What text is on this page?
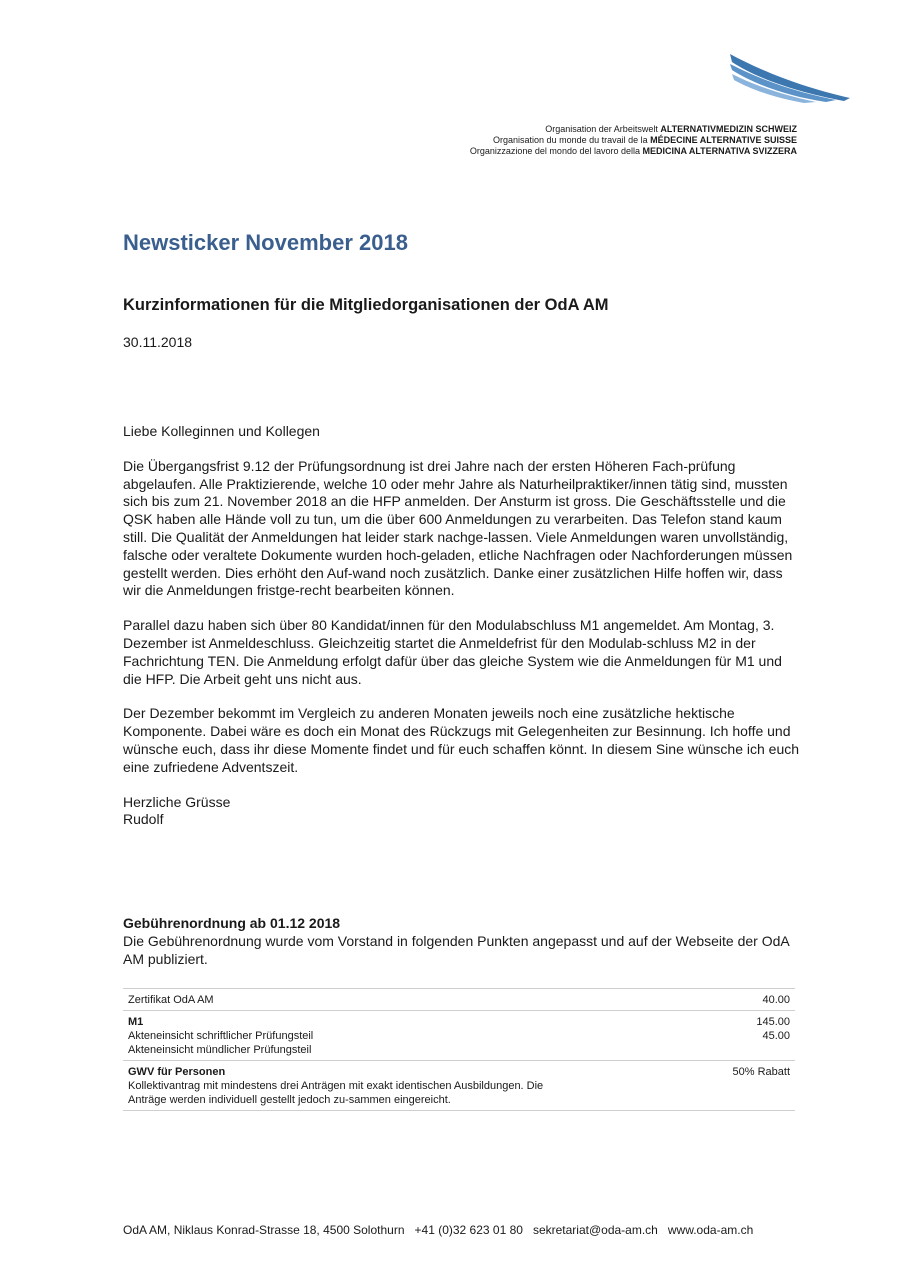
Organisation der Arbeitswelt ALTERNATIVMEDIZIN SCHWEIZ
Organisation du monde du travail de la MÉDECINE ALTERNATIVE SUISSE
Organizzazione del mondo del lavoro della MEDICINA ALTERNATIVA SVIZZERA
Newsticker November 2018
Kurzinformationen für die Mitgliedorganisationen der OdA AM
30.11.2018

Liebe Kolleginnen und Kollegen

Die Übergangsfrist 9.12 der Prüfungsordnung ist drei Jahre nach der ersten Höheren Fach-prüfung abgelaufen. Alle Praktizierende, welche 10 oder mehr Jahre als Naturheilpraktiker/innen tätig sind, mussten sich bis zum 21. November 2018 an die HFP anmelden. Der Ansturm ist gross. Die Geschäftsstelle und die QSK haben alle Hände voll zu tun, um die über 600 Anmeldungen zu verarbeiten. Das Telefon stand kaum still. Die Qualität der Anmeldungen hat leider stark nachge-lassen. Viele Anmeldungen waren unvollständig, falsche oder veraltete Dokumente wurden hoch-geladen, etliche Nachfragen oder Nachforderungen müssen gestellt werden. Dies erhöht den Auf-wand noch zusätzlich. Danke einer zusätzlichen Hilfe hoffen wir, dass wir die Anmeldungen fristge-recht bearbeiten können.

Parallel dazu haben sich über 80 Kandidat/innen für den Modulabschluss M1 angemeldet. Am Montag, 3. Dezember ist Anmeldeschluss. Gleichzeitig startet die Anmeldefrist für den Modulab-schluss M2 in der Fachrichtung TEN. Die Anmeldung erfolgt dafür über das gleiche System wie die Anmeldungen für M1 und die HFP. Die Arbeit geht uns nicht aus.

Der Dezember bekommt im Vergleich zu anderen Monaten jeweils noch eine zusätzliche hektische Komponente. Dabei wäre es doch ein Monat des Rückzugs mit Gelegenheiten zur Besinnung. Ich hoffe und wünsche euch, dass ihr diese Momente findet und für euch schaffen könnt. In diesem Sine wünsche ich euch eine zufriedene Adventszeit.

Herzliche Grüsse
Rudolf
Gebührenordnung ab 01.12 2018
Die Gebührenordnung wurde vom Vorstand in folgenden Punkten angepasst und auf der Webseite der OdA AM publiziert.
Zertifikat OdA AM	40.00
M1
Akteneinsicht schriftlicher Prüfungsteil
Akteneinsicht mündlicher Prüfungsteil
145.00
45.00
GWV für Personen
Kollektivantrag mit mindestens drei Anträgen mit exakt identischen Ausbildungen. Die Anträge werden individuell gestellt jedoch zu-sammen eingereicht.
50% Rabatt
OdA AM, Niklaus Konrad-Strasse 18, 4500 Solothurn +41 (0)32 623 01 80 sekretariat@oda-am.ch www.oda-am.ch
